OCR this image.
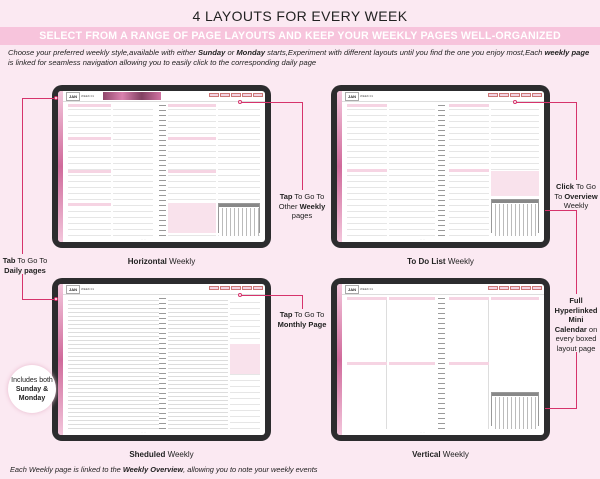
4 LAYOUTS FOR EVERY WEEK
SELECT FROM A RANGE OF PAGE LAYOUTS AND KEEP YOUR WEEKLY PAGES WELL-ORGANIZED
Choose your preferred weekly style,available with either Sunday or Monday starts,Experiment with different layouts until you find the one you enjoy most,Each weekly page is linked for seamless navigation allowing you to easily click to the corresponding daily page
JAN	WEEK 01
· · · ·
Horizontal Weekly
JAN	WEEK 01
· · · ·
To Do List Weekly
JAN	WEEK 01
· · · ·
Sheduled Weekly
JAN	WEEK 01
· · · ·
Vertical Weekly
Tab To Go To
Daily pages
Tap To Go To Other Weekly pages
Tap To Go To Monthly Page
Click To Go To Overview Weekly
Full Hyperlinked Mini Calendar on every boxed layout page
Includes both
Sunday &
Monday
Each Weekly page is linked to the Weekly Overview, allowing you to note your weekly events
